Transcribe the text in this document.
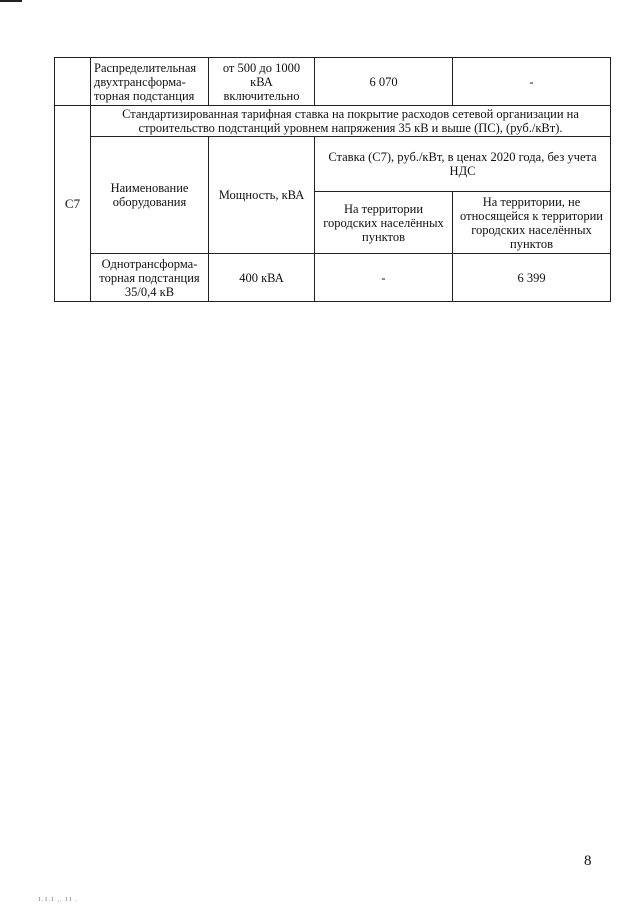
	Распределительная двухтрансформа-торная подстанция	от 500 до 1000 кВА включительно	6 070	-
С7	Стандартизированная тарифная ставка на покрытие расходов сетевой организации на строительство подстанций уровнем напряжения 35 кВ и выше (ПС), (руб./кВт).			
	Наименование оборудования	Мощность, кВА	Ставка (С7), руб./кВт, в ценах 2020 года, без учета НДС	
			На территории городских населённых пунктов	На территории, не относящейся к территории городских населённых пунктов
	Однотрансформа-торная подстанция 35/0,4 кВ	400 кВА	-	6 399
8
1.1.1 ,. 11 .
